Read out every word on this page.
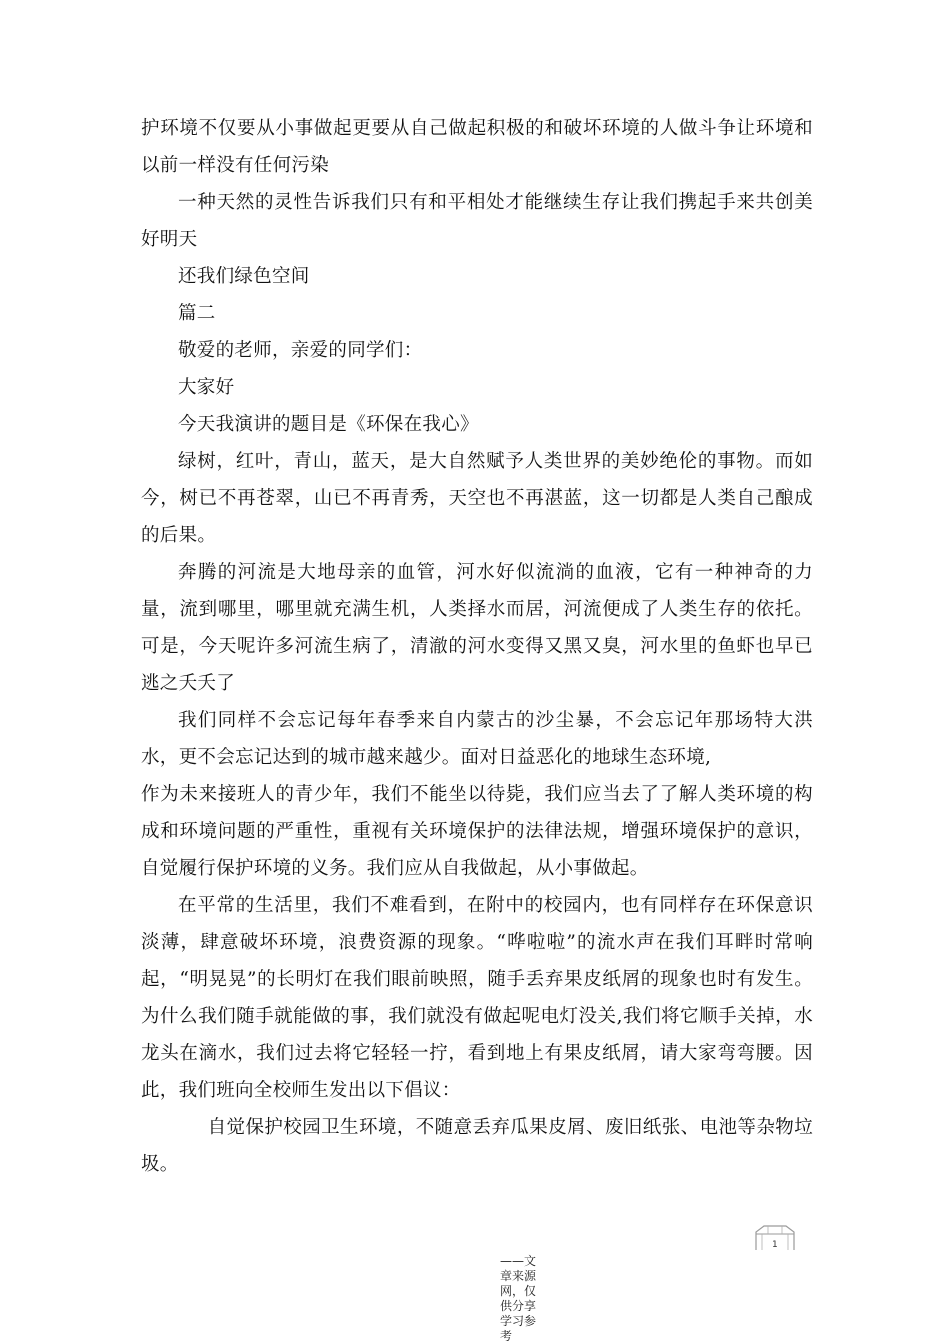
护环境不仅要从小事做起更要从自己做起积极的和破坏环境的人做斗争让环境和以前一样没有任何污染

一种天然的灵性告诉我们只有和平相处才能继续生存让我们携起手来共创美好明天

还我们绿色空间

篇二

敬爱的老师，亲爱的同学们：

大家好

今天我演讲的题目是《环保在我心》

绿树，红叶，青山，蓝天，是大自然赋予人类世界的美妙绝伦的事物。而如今，树已不再苍翠，山已不再青秀，天空也不再湛蓝，这一切都是人类自己酿成的后果。

奔腾的河流是大地母亲的血管，河水好似流淌的血液，它有一种神奇的力量，流到哪里，哪里就充满生机，人类择水而居，河流便成了人类生存的依托。可是，今天呢许多河流生病了，清澈的河水变得又黑又臭，河水里的鱼虾也早已逃之夭夭了

我们同样不会忘记每年春季来自内蒙古的沙尘暴，不会忘记年那场特大洪水，更不会忘记达到的城市越来越少。面对日益恶化的地球生态环境,

作为未来接班人的青少年，我们不能坐以待毙，我们应当去了了解人类环境的构成和环境问题的严重性，重视有关环境保护的法律法规，增强环境保护的意识，自觉履行保护环境的义务。我们应从自我做起，从小事做起。

在平常的生活里，我们不难看到，在附中的校园内，也有同样存在环保意识淡薄，肆意破坏环境，浪费资源的现象。“哗啦啦”的流水声在我们耳畔时常响起，“明晃晃”的长明灯在我们眼前映照，随手丢弃果皮纸屑的现象也时有发生。为什么我们随手就能做的事，我们就没有做起呢电灯没关,我们将它顺手关掉，水龙头在滴水，我们过去将它轻轻一拧，看到地上有果皮纸屑，请大家弯弯腰。因此，我们班向全校师生发出以下倡议：

自觉保护校园卫生环境，不随意丢弃瓜果皮屑、废旧纸张、电池等杂物垃圾。

1
——文章来源网，仅供分享学习参考
